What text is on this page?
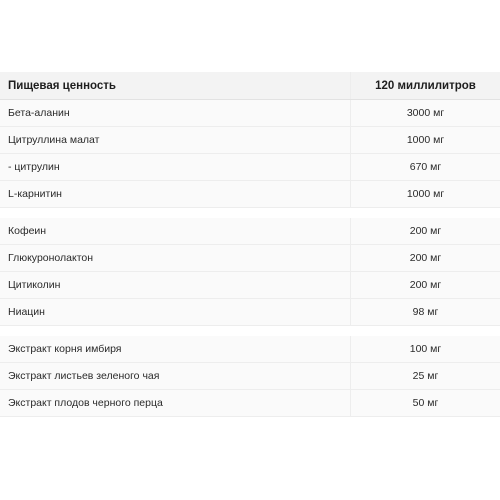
Пищевая ценность	120 миллилитров
Бета-аланин	3000 мг
Цитруллина малат	1000 мг
- цитрулин	670 мг
L-карнитин	1000 мг
Кофеин	200 мг
Глюкуронолактон	200 мг
Цитиколин	200 мг
Ниацин	98 мг
Экстракт корня имбиря	100 мг
Экстракт листьев зеленого чая	25 мг
Экстракт плодов черного перца	50 мг
